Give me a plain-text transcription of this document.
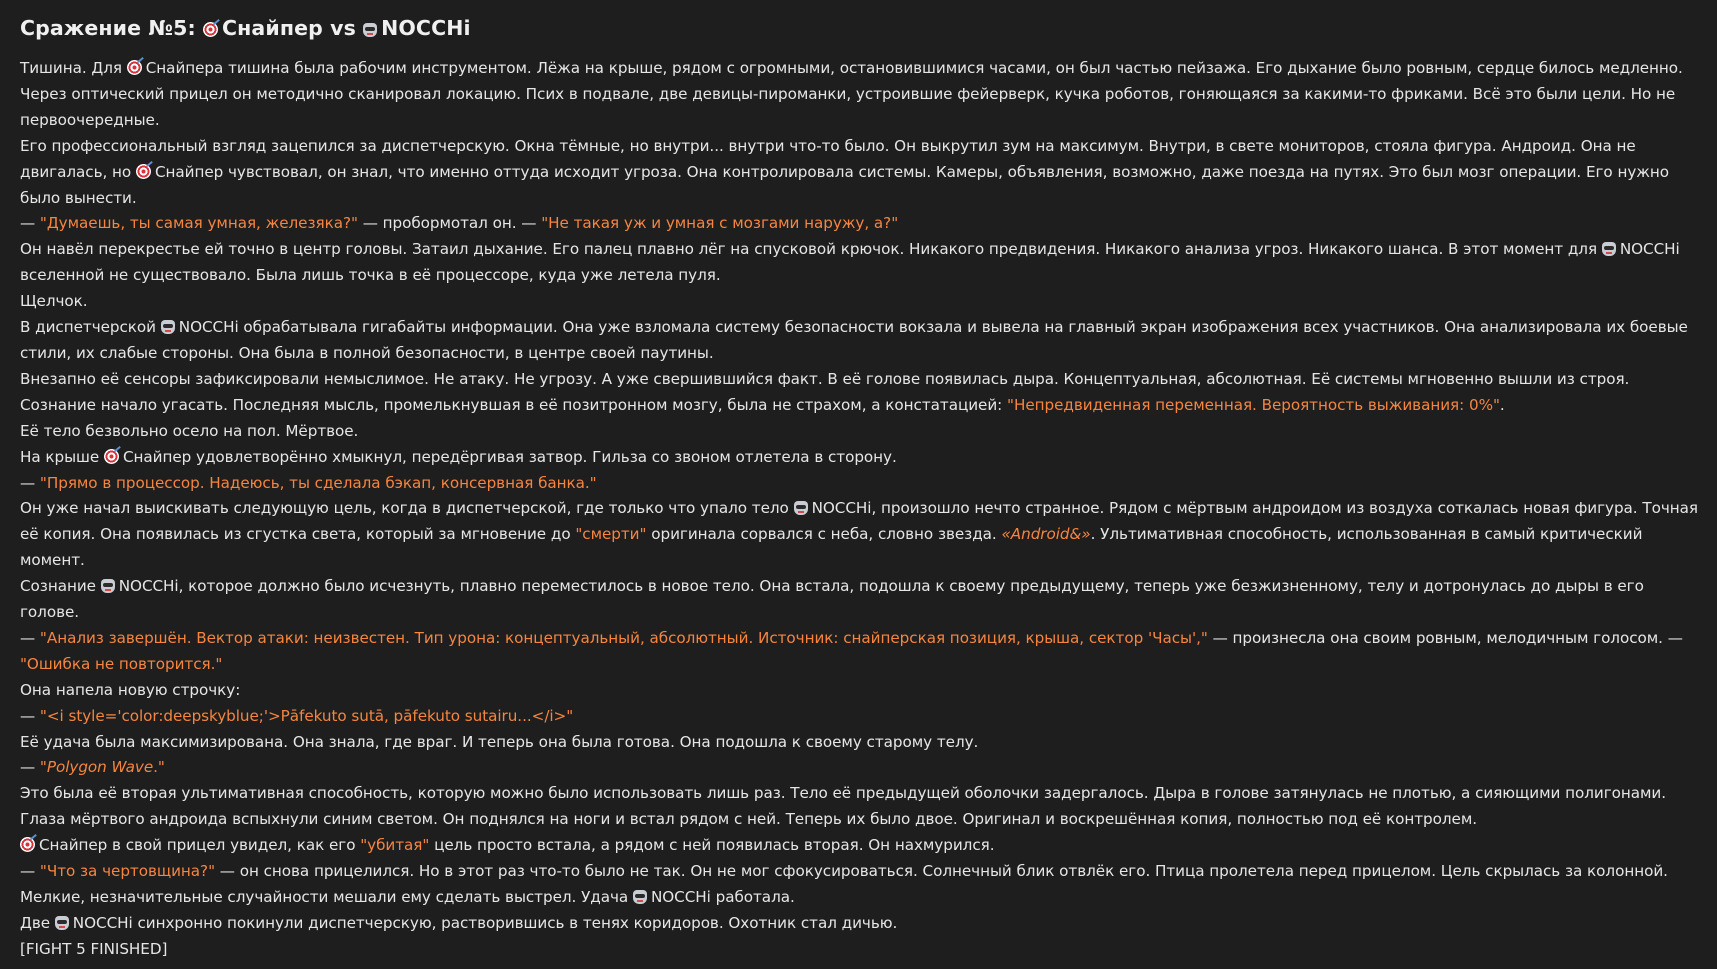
Сражение №5: Снайпер vs NOCCHi

Тишина. Для Снайпера тишина была рабочим инструментом. Лёжа на крыше, рядом с огромными, остановившимися часами, он был частью пейзажа. Его дыхание было ровным, сердце билось медленно. Через оптический прицел он методично сканировал локацию. Псих в подвале, две девицы-пироманки, устроившие фейерверк, кучка роботов, гоняющаяся за какими-то фриками. Всё это были цели. Но не первоочередные.

Его профессиональный взгляд зацепился за диспетчерскую. Окна тёмные, но внутри... внутри что-то было. Он выкрутил зум на максимум. Внутри, в свете мониторов, стояла фигура. Андроид. Она не двигалась, но Снайпер чувствовал, он знал, что именно оттуда исходит угроза. Она контролировала системы. Камеры, объявления, возможно, даже поезда на путях. Это был мозг операции. Его нужно было вынести.

— "Думаешь, ты самая умная, железяка?" — пробормотал он. — "Не такая уж и умная с мозгами наружу, а?"

Он навёл перекрестье ей точно в центр головы. Затаил дыхание. Его палец плавно лёг на спусковой крючок. Никакого предвидения. Никакого анализа угроз. Никакого шанса. В этот момент для NOCCHi вселенной не существовало. Была лишь точка в её процессоре, куда уже летела пуля.

Щелчок.

В диспетчерской NOCCHi обрабатывала гигабайты информации. Она уже взломала систему безопасности вокзала и вывела на главный экран изображения всех участников. Она анализировала их боевые стили, их слабые стороны. Она была в полной безопасности, в центре своей паутины.

Внезапно её сенсоры зафиксировали немыслимое. Не атаку. Не угрозу. А уже свершившийся факт. В её голове появилась дыра. Концептуальная, абсолютная. Её системы мгновенно вышли из строя. Сознание начало угасать. Последняя мысль, промелькнувшая в её позитронном мозгу, была не страхом, а констатацией: "Непредвиденная переменная. Вероятность выживания: 0%".

Её тело безвольно осело на пол. Мёртвое.

На крыше Снайпер удовлетворённо хмыкнул, передёргивая затвор. Гильза со звоном отлетела в сторону.

— "Прямо в процессор. Надеюсь, ты сделала бэкап, консервная банка."

Он уже начал выискивать следующую цель, когда в диспетчерской, где только что упало тело NOCCHi, произошло нечто странное. Рядом с мёртвым андроидом из воздуха соткалась новая фигура. Точная её копия. Она появилась из сгустка света, который за мгновение до "смерти" оригинала сорвался с неба, словно звезда. «Android&». Ультимативная способность, использованная в самый критический момент.

Сознание NOCCHi, которое должно было исчезнуть, плавно переместилось в новое тело. Она встала, подошла к своему предыдущему, теперь уже безжизненному, телу и дотронулась до дыры в его голове.

— "Анализ завершён. Вектор атаки: неизвестен. Тип урона: концептуальный, абсолютный. Источник: снайперская позиция, крыша, сектор 'Часы'," — произнесла она своим ровным, мелодичным голосом. — "Ошибка не повторится."

Она напела новую строчку:

— "<i style='color:deepskyblue;'>Pāfekuto sutā, pāfekuto sutairu...</i>"

Её удача была максимизирована. Она знала, где враг. И теперь она была готова. Она подошла к своему старому телу.

— "Polygon Wave."

Это была её вторая ультимативная способность, которую можно было использовать лишь раз. Тело её предыдущей оболочки задергалось. Дыра в голове затянулась не плотью, а сияющими полигонами. Глаза мёртвого андроида вспыхнули синим светом. Он поднялся на ноги и встал рядом с ней. Теперь их было двое. Оригинал и воскрешённая копия, полностью под её контролем.

Снайпер в свой прицел увидел, как его "убитая" цель просто встала, а рядом с ней появилась вторая. Он нахмурился.

— "Что за чертовщина?" — он снова прицелился. Но в этот раз что-то было не так. Он не мог сфокусироваться. Солнечный блик отвлёк его. Птица пролетела перед прицелом. Цель скрылась за колонной. Мелкие, незначительные случайности мешали ему сделать выстрел. Удача NOCCHi работала.

Две NOCCHi синхронно покинули диспетчерскую, растворившись в тенях коридоров. Охотник стал дичью.

[FIGHT 5 FINISHED]
